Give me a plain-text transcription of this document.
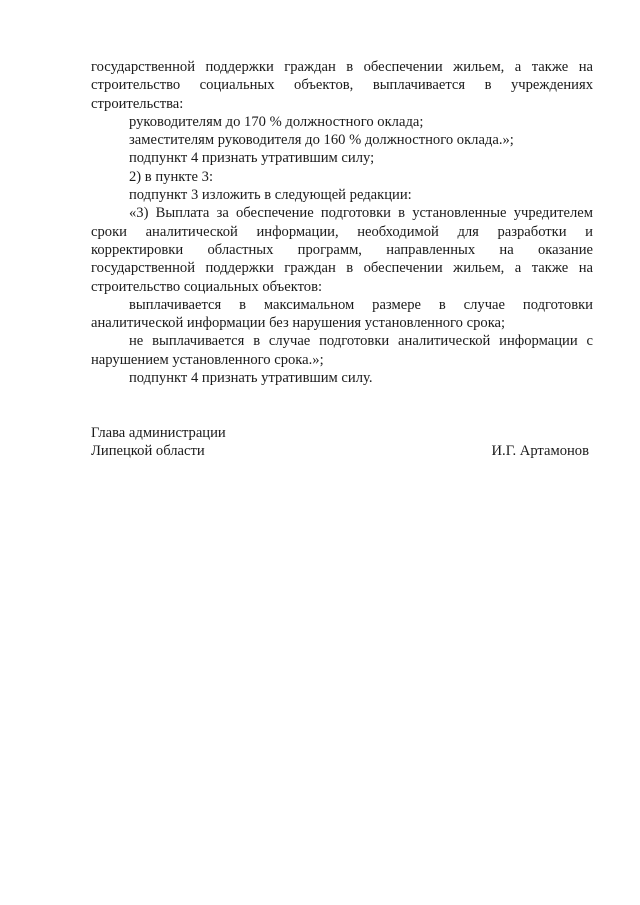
государственной поддержки граждан в обеспечении жильем, а также на строительство социальных объектов, выплачивается в учреждениях строительства:

руководителям до 170 % должностного оклада;

заместителям руководителя до 160 % должностного оклада.»;

подпункт 4 признать утратившим силу;

2) в пункте 3:

подпункт 3 изложить в следующей редакции:

«3) Выплата за обеспечение подготовки в установленные учредителем сроки аналитической информации, необходимой для разработки и корректировки областных программ, направленных на оказание государственной поддержки граждан в обеспечении жильем, а также на строительство социальных объектов:

выплачивается в максимальном размере в случае подготовки аналитической информации без нарушения установленного срока;

не выплачивается в случае подготовки аналитической информации с нарушением установленного срока.»;

подпункт 4 признать утратившим силу.

Глава администрации
Липецкой области	И.Г. Артамонов
